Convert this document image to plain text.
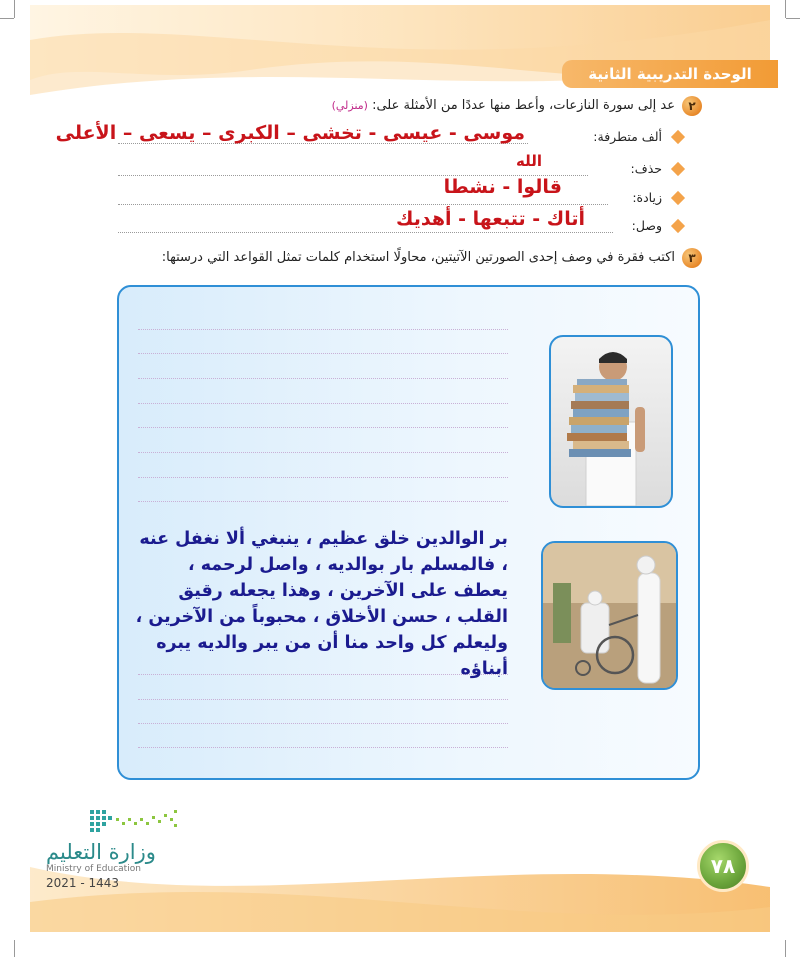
الوحدة التدريبية الثانية
٢
عد إلى سورة النازعات، وأعط منها عددًا من الأمثلة على: (منزلي)
ألف متطرفة:
موسى - عيسى - تخشى – الكبرى – يسعى – الأعلى
حذف:
الله
زيادة:
قالوا - نشطا
وصل:
أتاك - تتبعها - أهديك
٣
اكتب فقرة في وصف إحدى الصورتين الآتيتين، محاولًا استخدام كلمات تمثل القواعد التي درستها:
بر الوالدين خلق عظيم ، ينبغي ألا نغفل عنه ، فالمسلم بار بوالديه ، واصل لرحمه ، يعطف على الآخرين ، وهذا يجعله رقيق القلب ، حسن الأخلاق ، محبوباً من الآخرين ، وليعلم كل واحد منا أن من يبر والديه يبره أبناؤه
وزارة التعليم
Ministry of Education
2021 - 1443
٧٨
